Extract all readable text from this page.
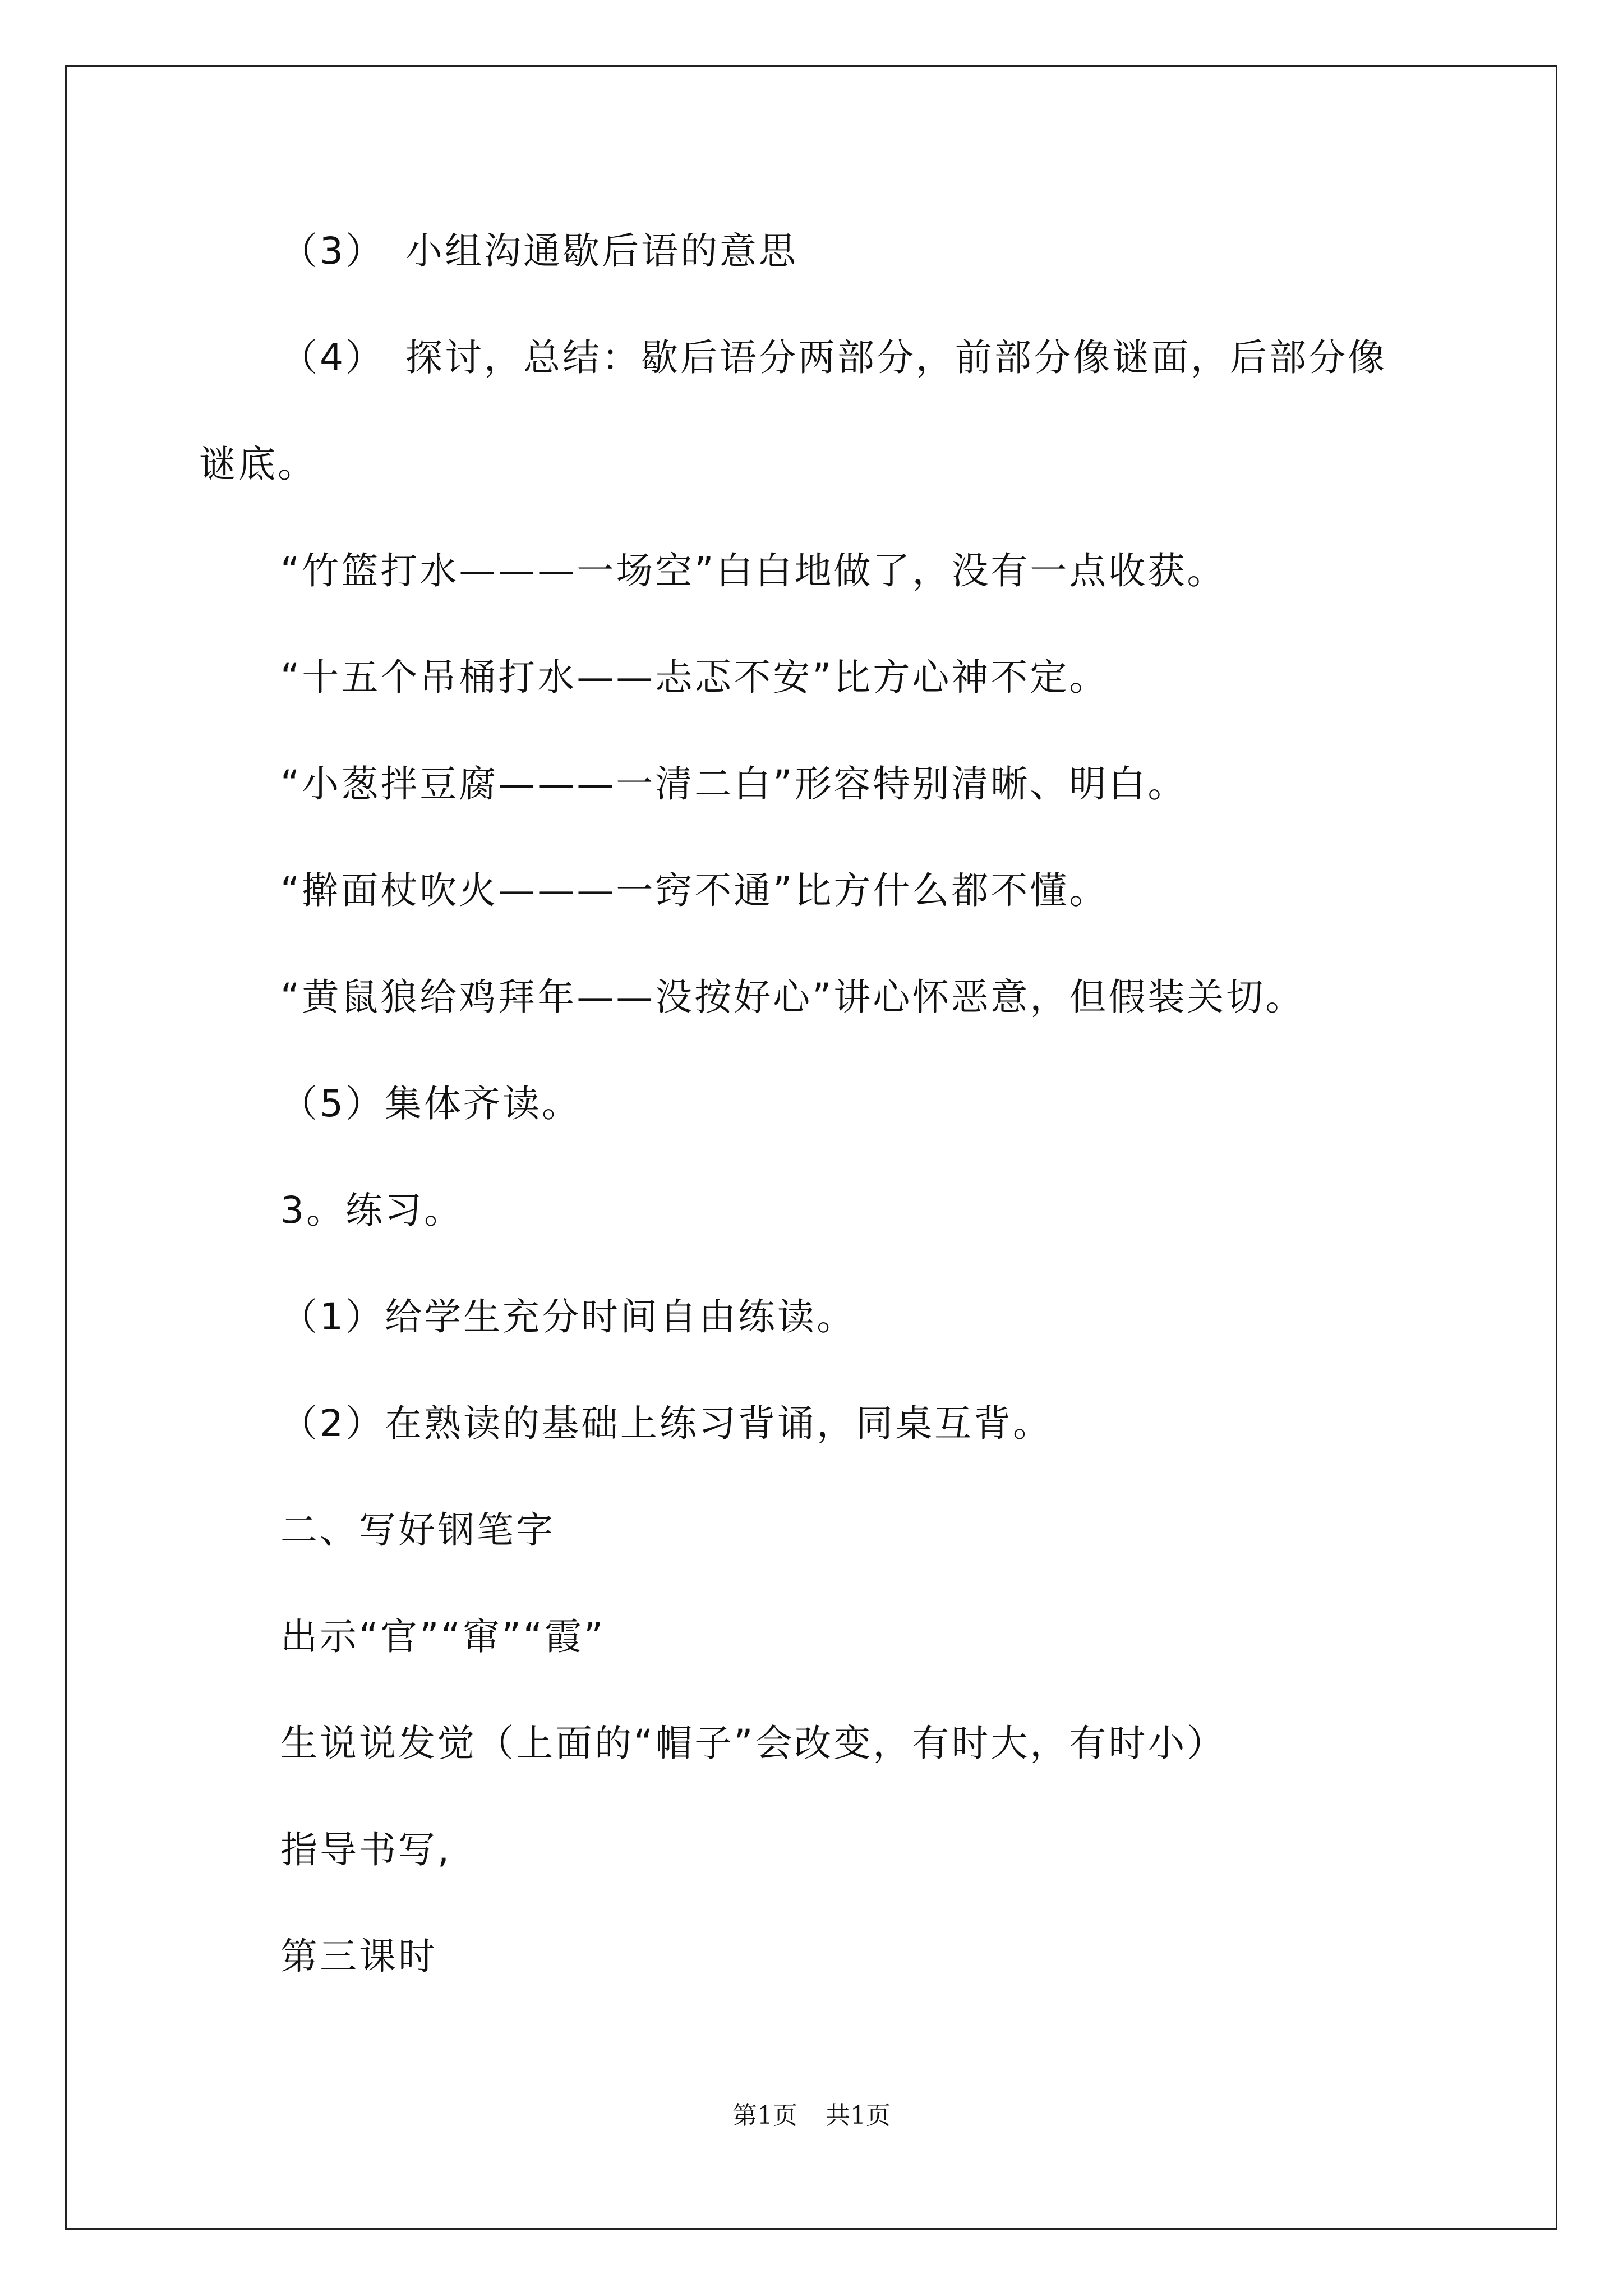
（3）　小组沟通歇后语的意思
（4）　探讨，总结：歇后语分两部分，前部分像谜面，后部分像
谜底。
“竹篮打水———一场空”白白地做了，没有一点收获。
“十五个吊桶打水——忐忑不安”比方心神不定。
“小葱拌豆腐———一清二白”形容特别清晰、明白。
“擀面杖吹火———一窍不通”比方什么都不懂。
“黄鼠狼给鸡拜年——没按好心”讲心怀恶意，但假装关切。
（5）集体齐读。
3。练习。
（1）给学生充分时间自由练读。
（2）在熟读的基础上练习背诵，同桌互背。
二、写好钢笔字
出示“官”“窜”“霞”
生说说发觉（上面的“帽子”会改变，有时大，有时小）
指导书写,
第三课时
第1页 共1页
